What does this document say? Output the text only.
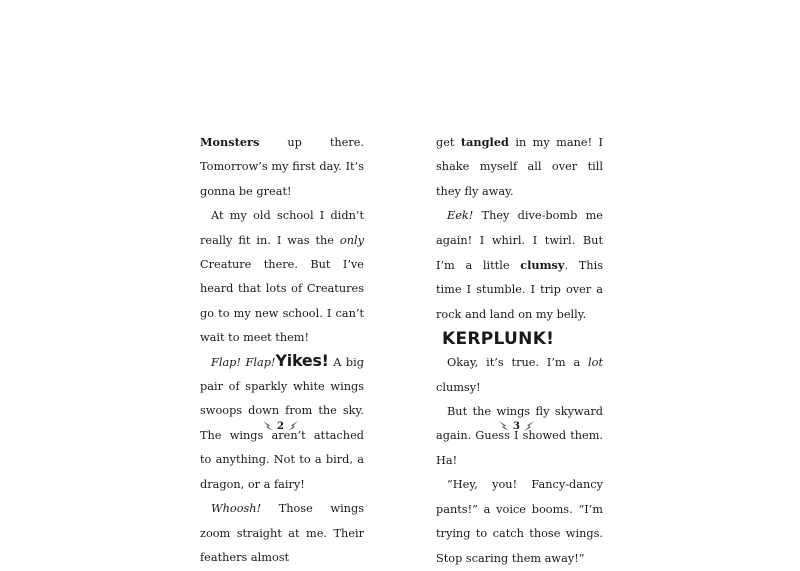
Monsters up there. Tomorrow’s my first day. It’s gonna be great!

At my old school I didn’t really fit in. I was the only Creature there. But I’ve heard that lots of Creatures go to my new school. I can’t wait to meet them!

Flap! Flap!Yikes! A big pair of sparkly white wings swoops down from the sky. The wings aren’t attached to anything. Not to a bird, a dragon, or a fairy!

Whoosh! Those wings zoom straight at me. Their feathers almost

2

get tangled in my mane! I shake myself all over till they fly away.

Eek! They dive-bomb me again! I whirl. I twirl. But I’m a little clumsy. This time I stumble. I trip over a rock and land on my belly.

KERPLUNK!

Okay, it’s true. I’m a lot clumsy!

But the wings fly skyward again. Guess I showed them. Ha!

“Hey, you! Fancy-dancy pants!” a voice booms. “I’m trying to catch those wings. Stop scaring them away!”

3
